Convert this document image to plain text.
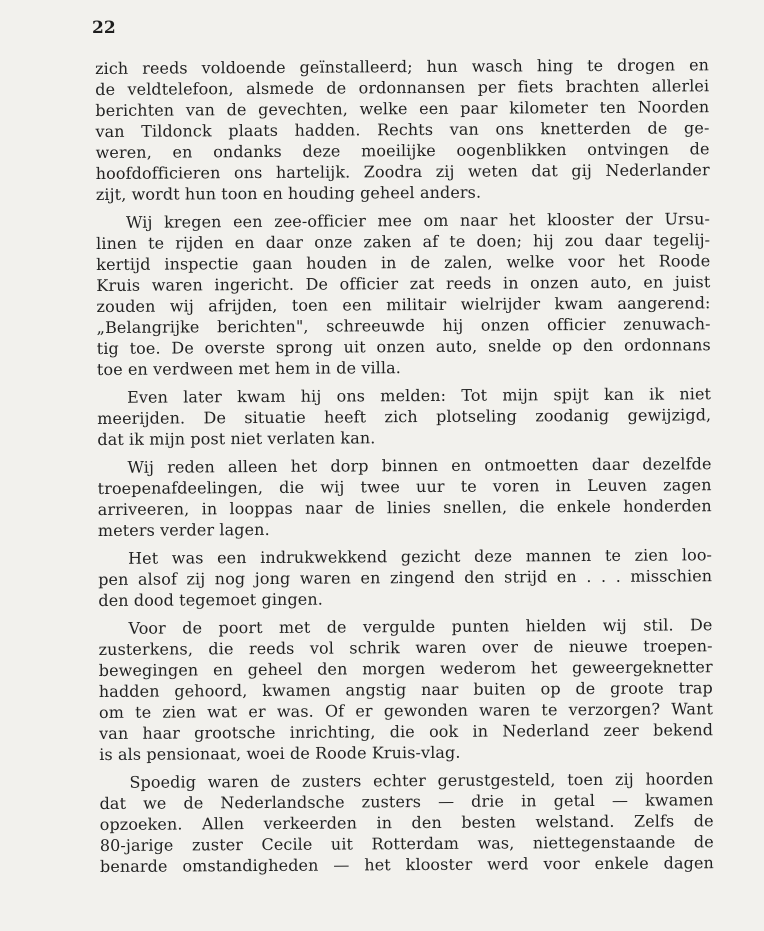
22

zich reeds voldoende geïnstalleerd; hun wasch hing te drogen en

de veldtelefoon, alsmede de ordonnansen per fiets brachten allerlei

berichten van de gevechten, welke een paar kilometer ten Noorden

van Tildonck plaats hadden. Rechts van ons knetterden de ge-

weren, en ondanks deze moeilijke oogenblikken ontvingen de

hoofdofficieren ons hartelijk. Zoodra zij weten dat gij Nederlander

zijt, wordt hun toon en houding geheel anders.

Wij kregen een zee-officier mee om naar het klooster der Ursu-

linen te rijden en daar onze zaken af te doen; hij zou daar tegelij-

kertijd inspectie gaan houden in de zalen, welke voor het Roode

Kruis waren ingericht. De officier zat reeds in onzen auto, en juist

zouden wij afrijden, toen een militair wielrijder kwam aangerend:

„Belangrijke berichten", schreeuwde hij onzen officier zenuwach-

tig toe. De overste sprong uit onzen auto, snelde op den ordonnans

toe en verdween met hem in de villa.

Even later kwam hij ons melden: Tot mijn spijt kan ik niet

meerijden. De situatie heeft zich plotseling zoodanig gewijzigd,

dat ik mijn post niet verlaten kan.

Wij reden alleen het dorp binnen en ontmoetten daar dezelfde

troepenafdeelingen, die wij twee uur te voren in Leuven zagen

arriveeren, in looppas naar de linies snellen, die enkele honderden

meters verder lagen.

Het was een indrukwekkend gezicht deze mannen te zien loo-

pen alsof zij nog jong waren en zingend den strijd en . . . misschien

den dood tegemoet gingen.

Voor de poort met de vergulde punten hielden wij stil. De

zusterkens, die reeds vol schrik waren over de nieuwe troepen-

bewegingen en geheel den morgen wederom het geweergeknetter

hadden gehoord, kwamen angstig naar buiten op de groote trap

om te zien wat er was. Of er gewonden waren te verzorgen? Want

van haar grootsche inrichting, die ook in Nederland zeer bekend

is als pensionaat, woei de Roode Kruis-vlag.

Spoedig waren de zusters echter gerustgesteld, toen zij hoorden

dat we de Nederlandsche zusters — drie in getal — kwamen

opzoeken. Allen verkeerden in den besten welstand. Zelfs de

80-jarige zuster Cecile uit Rotterdam was, niettegenstaande de

benarde omstandigheden — het klooster werd voor enkele dagen
